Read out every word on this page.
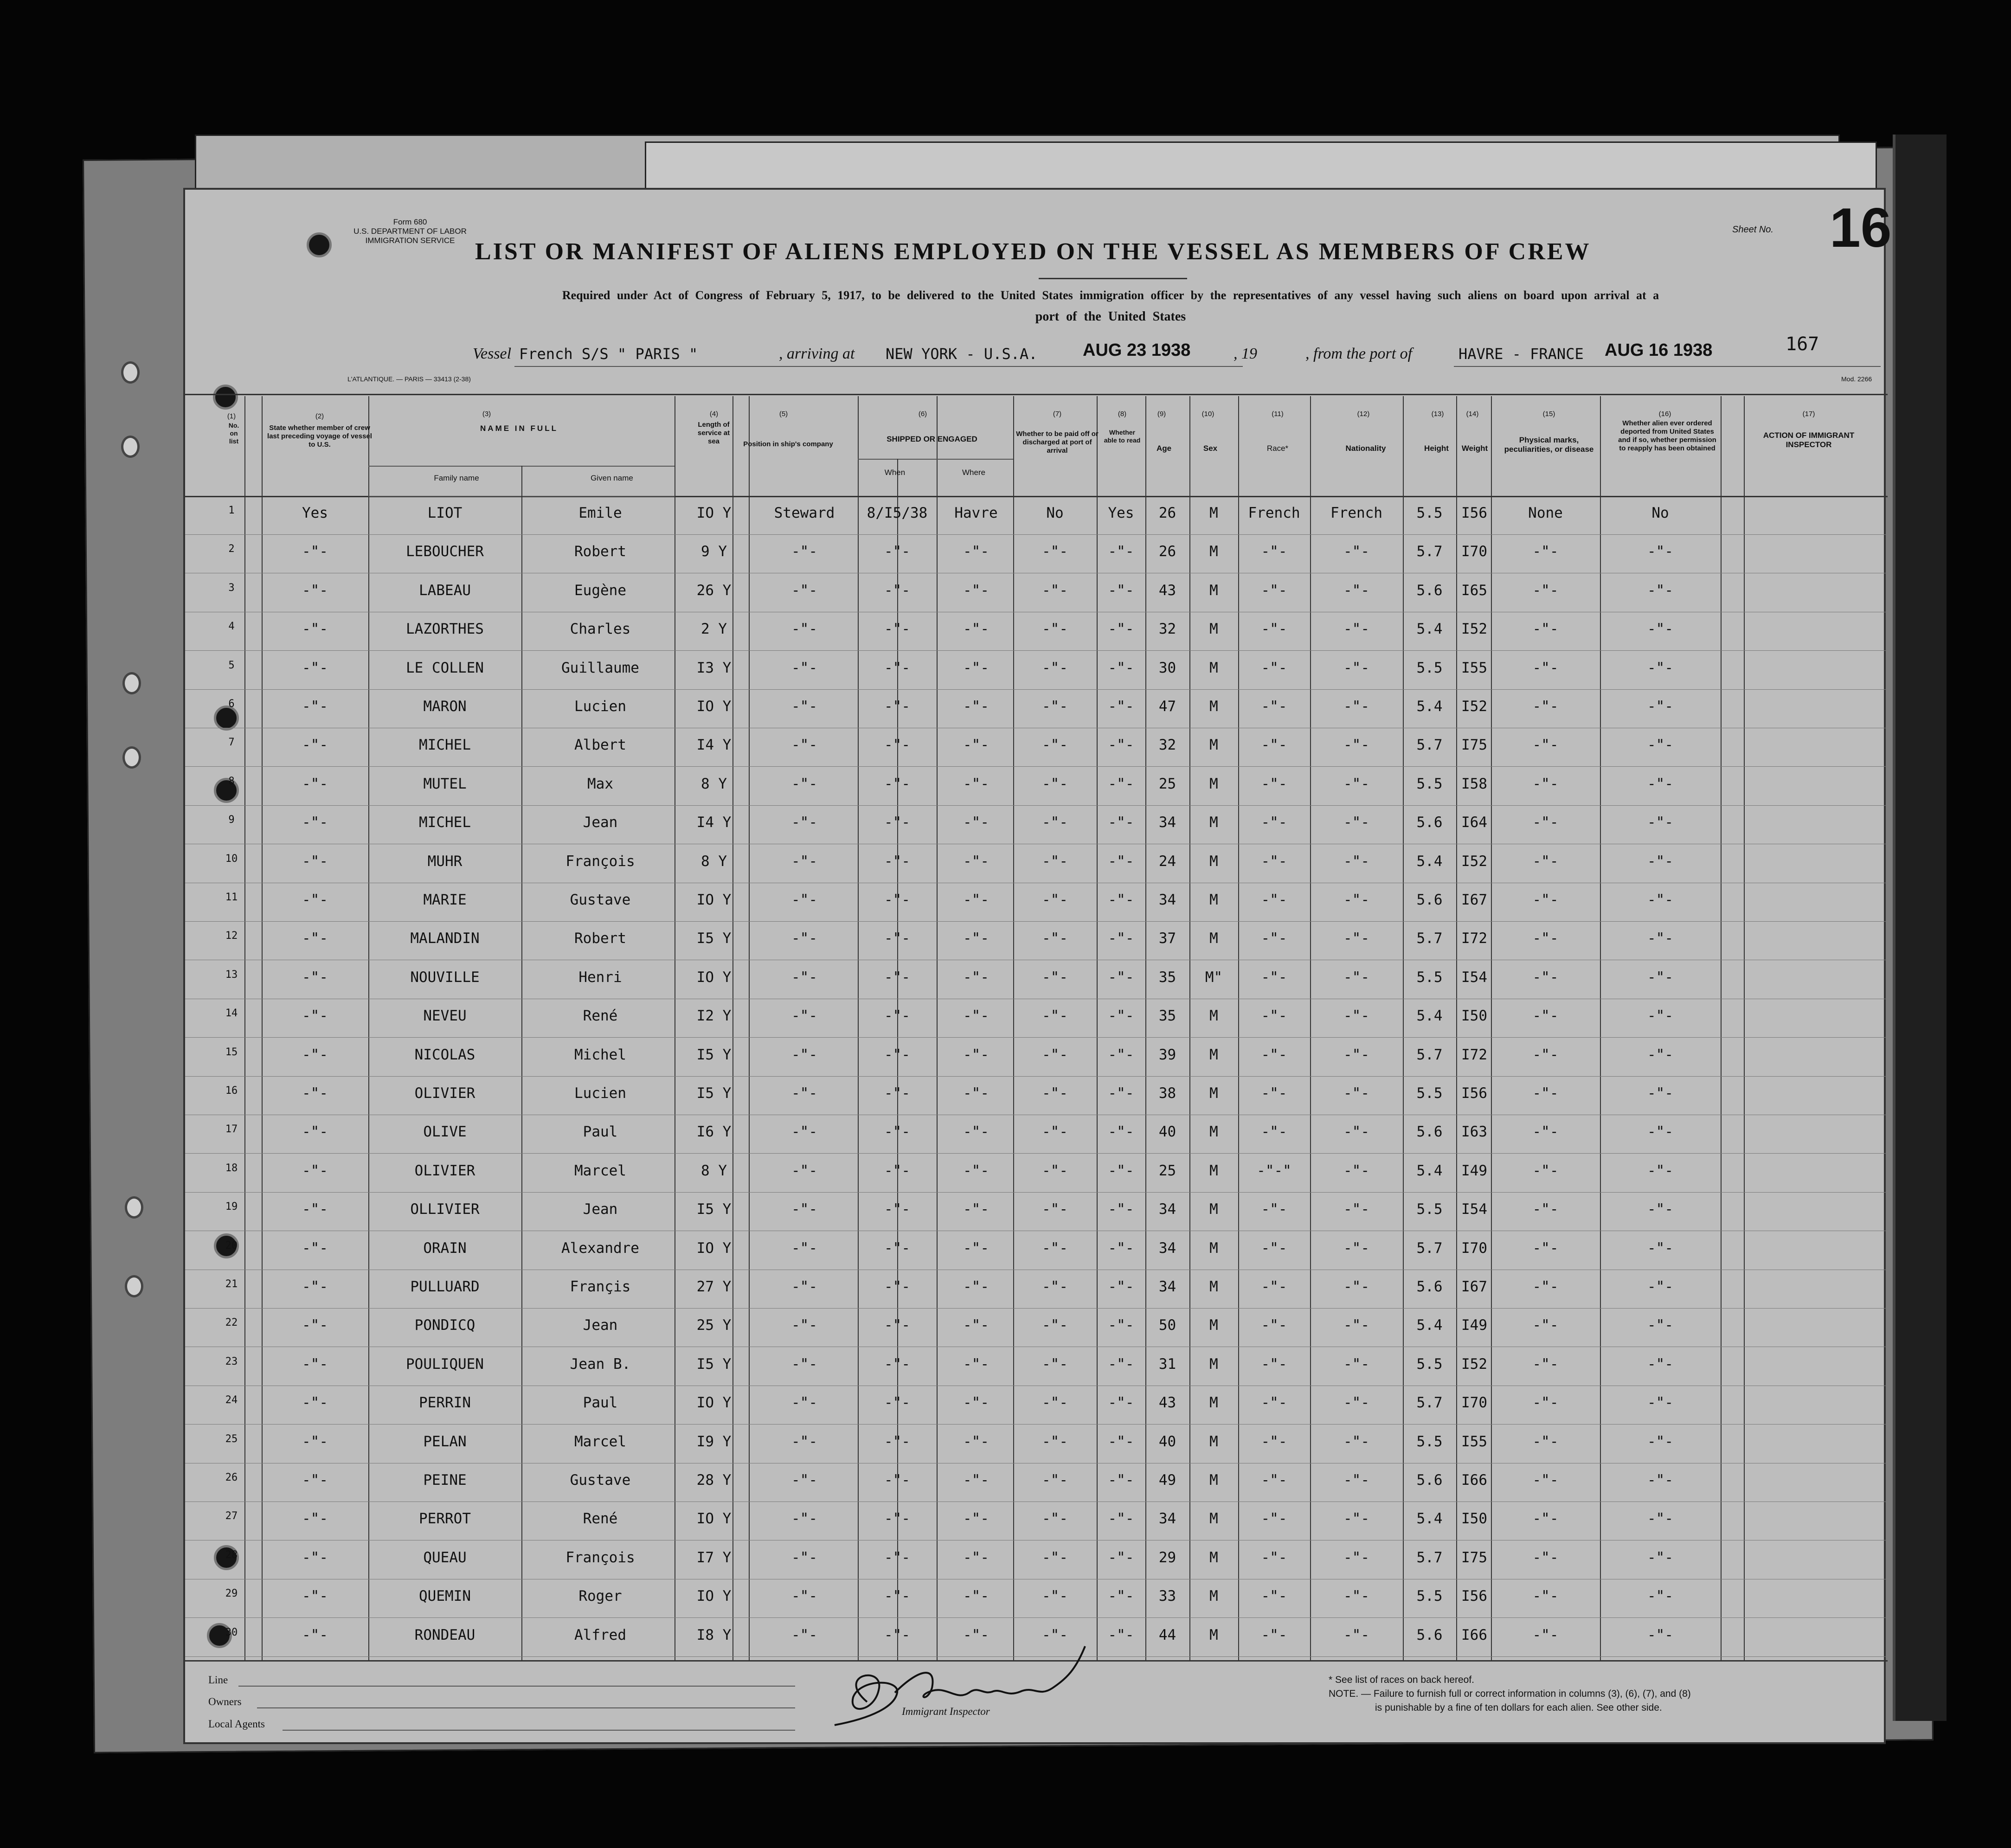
Form 680
U.S. DEPARTMENT OF LABOR
IMMIGRATION SERVICE
Sheet No. 16
LIST OR MANIFEST OF ALIENS EMPLOYED ON THE VESSEL AS MEMBERS OF CREW
Required under Act of Congress of February 5, 1917, to be delivered to the United States immigration officer by the representatives of any vessel having such aliens on board upon arrival at a
port of the United States
Vessel French S/S " PARIS "	, arriving at NEW YORK - U.S.A.	AUG 23 1938	, 19	, from the port of	HAVRE - FRANCE AUG 16 1938	167
L'ATLANTIQUE. — PARIS — 33413 (2-38)	Mod. 2266
(1)
No. on list
(2)
State whether member of crew last preceding voyage of vessel to U.S.
(3)
NAME IN FULL
Family name	Given name
(4)
Length of service at sea
(5)
Position in ship's company
(6)
SHIPPED OR ENGAGED
When	Where
(7)
Whether to be paid off or discharged at port of arrival
(8)
Whether able to read
(9)
Age
(10)
Sex
(11)
Race*
(12)
Nationality
(13)
Height
(14)
Weight
(15)
Physical marks, peculiarities, or disease
(16)
Whether alien ever ordered deported from United States and if so, whether permission to reapply has been obtained
(17)
ACTION OF IMMIGRANT INSPECTOR
1	Yes	LIOT	Emile	IO Y	Steward	8/I5/38	Havre	No	Yes	26	M	French	French	5.5	I56	None	No
2	-"-	LEBOUCHER	Robert	9 Y	-"-	-"-	-"-	-"-	-"-	26	M	-"-	-"-	5.7	I70	-"-	-"-
3	-"-	LABEAU	Eugène	26 Y	-"-	-"-	-"-	-"-	-"-	43	M	-"-	-"-	5.6	I65	-"-	-"-
4	-"-	LAZORTHES	Charles	2 Y	-"-	-"-	-"-	-"-	-"-	32	M	-"-	-"-	5.4	I52	-"-	-"-
5	-"-	LE COLLEN	Guillaume	I3 Y	-"-	-"-	-"-	-"-	-"-	30	M	-"-	-"-	5.5	I55	-"-	-"-
6	-"-	MARON	Lucien	IO Y	-"-	-"-	-"-	-"-	-"-	47	M	-"-	-"-	5.4	I52	-"-	-"-
7	-"-	MICHEL	Albert	I4 Y	-"-	-"-	-"-	-"-	-"-	32	M	-"-	-"-	5.7	I75	-"-	-"-
8	-"-	MUTEL	Max	8 Y	-"-	-"-	-"-	-"-	-"-	25	M	-"-	-"-	5.5	I58	-"-	-"-
9	-"-	MICHEL	Jean	I4 Y	-"-	-"-	-"-	-"-	-"-	34	M	-"-	-"-	5.6	I64	-"-	-"-
10	-"-	MUHR	François	8 Y	-"-	-"-	-"-	-"-	-"-	24	M	-"-	-"-	5.4	I52	-"-	-"-
11	-"-	MARIE	Gustave	IO Y	-"-	-"-	-"-	-"-	-"-	34	M	-"-	-"-	5.6	I67	-"-	-"-
12	-"-	MALANDIN	Robert	I5 Y	-"-	-"-	-"-	-"-	-"-	37	M	-"-	-"-	5.7	I72	-"-	-"-
13	-"-	NOUVILLE	Henri	IO Y	-"-	-"-	-"-	-"-	-"-	35	M"	-"-	-"-	5.5	I54	-"-	-"-
14	-"-	NEVEU	René	I2 Y	-"-	-"-	-"-	-"-	-"-	35	M	-"-	-"-	5.4	I50	-"-	-"-
15	-"-	NICOLAS	Michel	I5 Y	-"-	-"-	-"-	-"-	-"-	39	M	-"-	-"-	5.7	I72	-"-	-"-
16	-"-	OLIVIER	Lucien	I5 Y	-"-	-"-	-"-	-"-	-"-	38	M	-"-	-"-	5.5	I56	-"-	-"-
17	-"-	OLIVE	Paul	I6 Y	-"-	-"-	-"-	-"-	-"-	40	M	-"-	-"-	5.6	I63	-"-	-"-
18	-"-	OLIVIER	Marcel	8 Y	-"-	-"-	-"-	-"-	-"-	25	M	-"-"	-"-	5.4	I49	-"-	-"-
19	-"-	OLLIVIER	Jean	I5 Y	-"-	-"-	-"-	-"-	-"-	34	M	-"-	-"-	5.5	I54	-"-	-"-
20	-"-	ORAIN	Alexandre	IO Y	-"-	-"-	-"-	-"-	-"-	34	M	-"-	-"-	5.7	I70	-"-	-"-
21	-"-	PULLUARD	Françis	27 Y	-"-	-"-	-"-	-"-	-"-	34	M	-"-	-"-	5.6	I67	-"-	-"-
22	-"-	PONDICQ	Jean	25 Y	-"-	-"-	-"-	-"-	-"-	50	M	-"-	-"-	5.4	I49	-"-	-"-
23	-"-	POULIQUEN	Jean B.	I5 Y	-"-	-"-	-"-	-"-	-"-	31	M	-"-	-"-	5.5	I52	-"-	-"-
24	-"-	PERRIN	Paul	IO Y	-"-	-"-	-"-	-"-	-"-	43	M	-"-	-"-	5.7	I70	-"-	-"-
25	-"-	PELAN	Marcel	I9 Y	-"-	-"-	-"-	-"-	-"-	40	M	-"-	-"-	5.5	I55	-"-	-"-
26	-"-	PEINE	Gustave	28 Y	-"-	-"-	-"-	-"-	-"-	49	M	-"-	-"-	5.6	I66	-"-	-"-
27	-"-	PERROT	René	IO Y	-"-	-"-	-"-	-"-	-"-	34	M	-"-	-"-	5.4	I50	-"-	-"-
28	-"-	QUEAU	François	I7 Y	-"-	-"-	-"-	-"-	-"-	29	M	-"-	-"-	5.7	I75	-"-	-"-
29	-"-	QUEMIN	Roger	IO Y	-"-	-"-	-"-	-"-	-"-	33	M	-"-	-"-	5.5	I56	-"-	-"-
30	-"-	RONDEAU	Alfred	I8 Y	-"-	-"-	-"-	-"-	-"-	44	M	-"-	-"-	5.6	I66	-"-	-"-
Line
Owners
Local Agents
Immigrant Inspector
* See list of races on back hereof.
NOTE. — Failure to furnish full or correct information in columns (3), (6), (7), and (8)
is punishable by a fine of ten dollars for each alien. See other side.
